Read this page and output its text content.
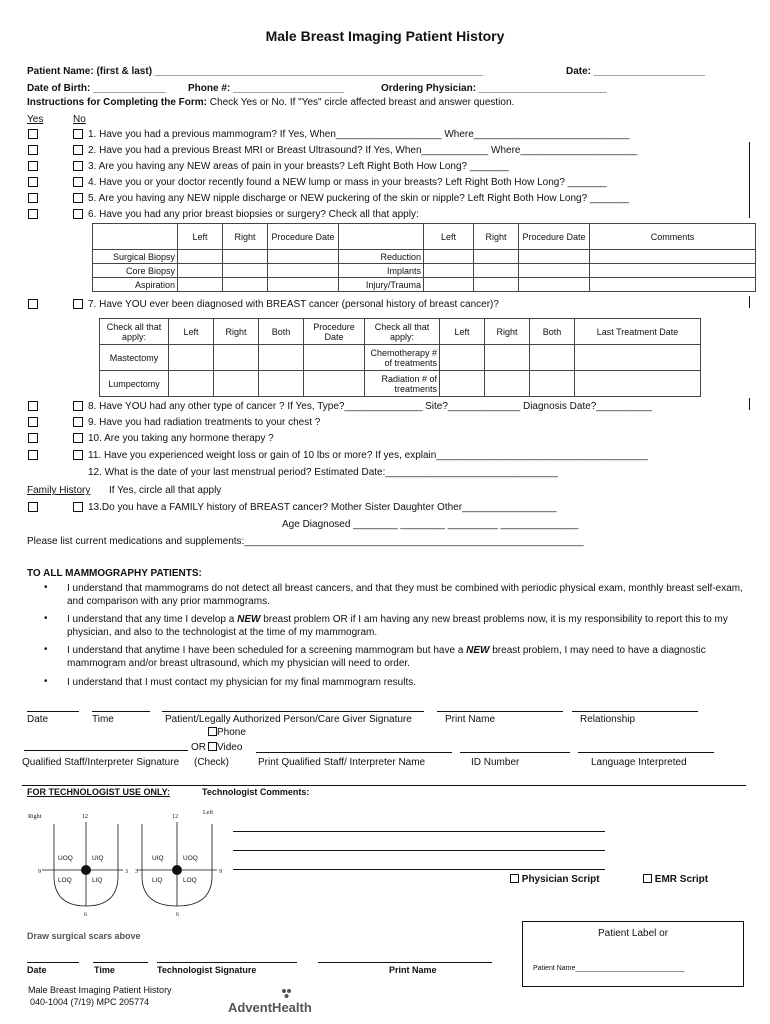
Male Breast Imaging Patient History
Patient Name: (first & last) ___________________________________________________________	Date: ____________________
Date of Birth: _____________ Phone #: ____________________	Ordering Physician: _______________________
Instructions for Completing the Form: Check Yes or No. If "Yes" circle affected breast and answer question.
Yes	No
1. Have you had a previous mammogram? If Yes, When___________________ Where____________________________
2. Have you had a previous Breast MRI or Breast Ultrasound? If Yes, When____________ Where_____________________
3. Are you having any NEW areas of pain in your breasts? Left Right Both How Long? _______
4. Have you or your doctor recently found a NEW lump or mass in your breasts? Left Right Both How Long? _______
5. Are you having any NEW nipple discharge or NEW puckering of the skin or nipple? Left Right Both How Long? _______
6. Have you had any prior breast biopsies or surgery? Check all that apply:
	Left	Right	Procedure Date		Left	Right	Procedure Date	Comments
Surgical Biopsy				Reduction				
Core Biopsy				Implants				
Aspiration				Injury/Trauma				
7. Have YOU ever been diagnosed with BREAST cancer (personal history of breast cancer)?
Check all that apply:	Left	Right	Both	Procedure Date	Check all that apply:	Left	Right	Both	Last Treatment Date
Mastectomy					Chemotherapy # of treatments				
Lumpectomy					Radiation # of treatments				
8. Have YOU had any other type of cancer ? If Yes, Type?______________ Site?_____________ Diagnosis Date?__________
9. Have you had radiation treatments to your chest ?
10. Are you taking any hormone therapy ?
11. Have you experienced weight loss or gain of 10 lbs or more? If yes, explain______________________________________
12. What is the date of your last menstrual period? Estimated Date:_______________________________
Family History If Yes, circle all that apply
13.Do you have a FAMILY history of BREAST cancer? Mother Sister Daughter Other_________________
Age Diagnosed ________ ________ _________ ______________
Please list current medications and supplements:_____________________________________________________________
TO ALL MAMMOGRAPHY PATIENTS:
• I understand that mammograms do not detect all breast cancers, and that they must be combined with periodic physical exam, monthly breast self-exam, and comparison with any prior mammograms.
• I understand that any time I develop a NEW breast problem OR if I am having any new breast problems now, it is my responsibility to report this to my physician, and also to the technologist at the time of my mammogram.
• I understand that anytime I have been scheduled for a screening mammogram but have a NEW breast problem, I may need to have a diagnostic mammogram and/or breast ultrasound, which my physician will need to order.
• I understand that I must contact my physician for my final mammogram results.
Date	Time	Patient/Legally Authorized Person/Care Giver Signature	Print Name	Relationship
Phone
OR	Video
Qualified Staff/Interpreter Signature (Check)	Print Qualified Staff/ Interpreter Name	ID Number	Language Interpreted
FOR TECHNOLOGIST USE ONLY:	Technologist Comments:
Right
Left
12	12
9	3 3	9
6	6
UOQ	UIQ
LOQ	LIQ
UIQ	UOQ
LIQ	LOQ	Physician Script	EMR Script
Draw surgical scars above	Patient Label or
Patient Name____________________________
Date	Time	Technologist Signature	Print Name
Male Breast Imaging Patient History
040-1004 (7/19) MPC 205774	AdventHealth
